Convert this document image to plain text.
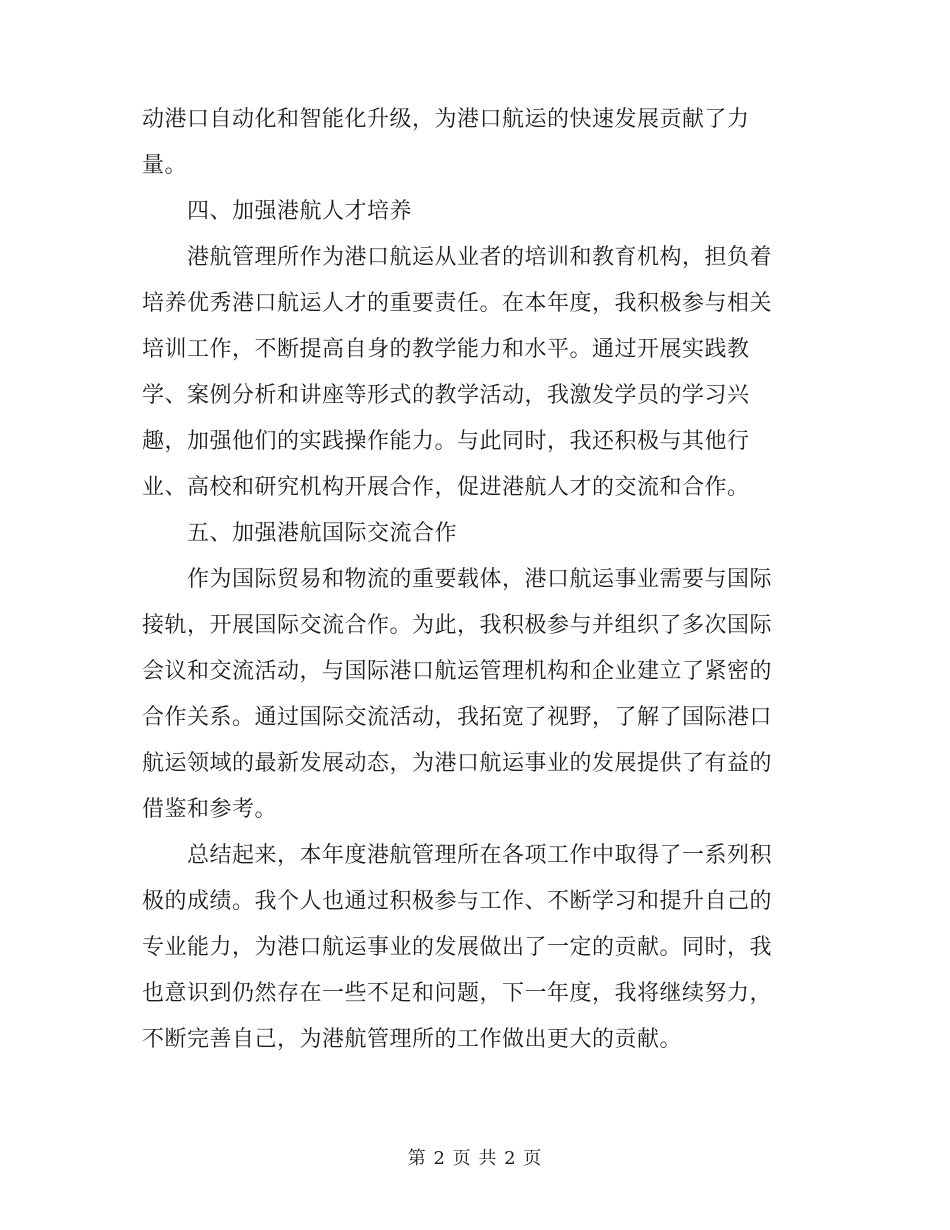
动港口自动化和智能化升级，为港口航运的快速发展贡献了力
量。
四、加强港航人才培养
港航管理所作为港口航运从业者的培训和教育机构，担负着
培养优秀港口航运人才的重要责任。在本年度，我积极参与相关
培训工作，不断提高自身的教学能力和水平。通过开展实践教
学、案例分析和讲座等形式的教学活动，我激发学员的学习兴
趣，加强他们的实践操作能力。与此同时，我还积极与其他行
业、高校和研究机构开展合作，促进港航人才的交流和合作。
五、加强港航国际交流合作
作为国际贸易和物流的重要载体，港口航运事业需要与国际
接轨，开展国际交流合作。为此，我积极参与并组织了多次国际
会议和交流活动，与国际港口航运管理机构和企业建立了紧密的
合作关系。通过国际交流活动，我拓宽了视野，了解了国际港口
航运领域的最新发展动态，为港口航运事业的发展提供了有益的
借鉴和参考。
总结起来，本年度港航管理所在各项工作中取得了一系列积
极的成绩。我个人也通过积极参与工作、不断学习和提升自己的
专业能力，为港口航运事业的发展做出了一定的贡献。同时，我
也意识到仍然存在一些不足和问题，下一年度，我将继续努力，
不断完善自己，为港航管理所的工作做出更大的贡献。
第 2 页 共 2 页
